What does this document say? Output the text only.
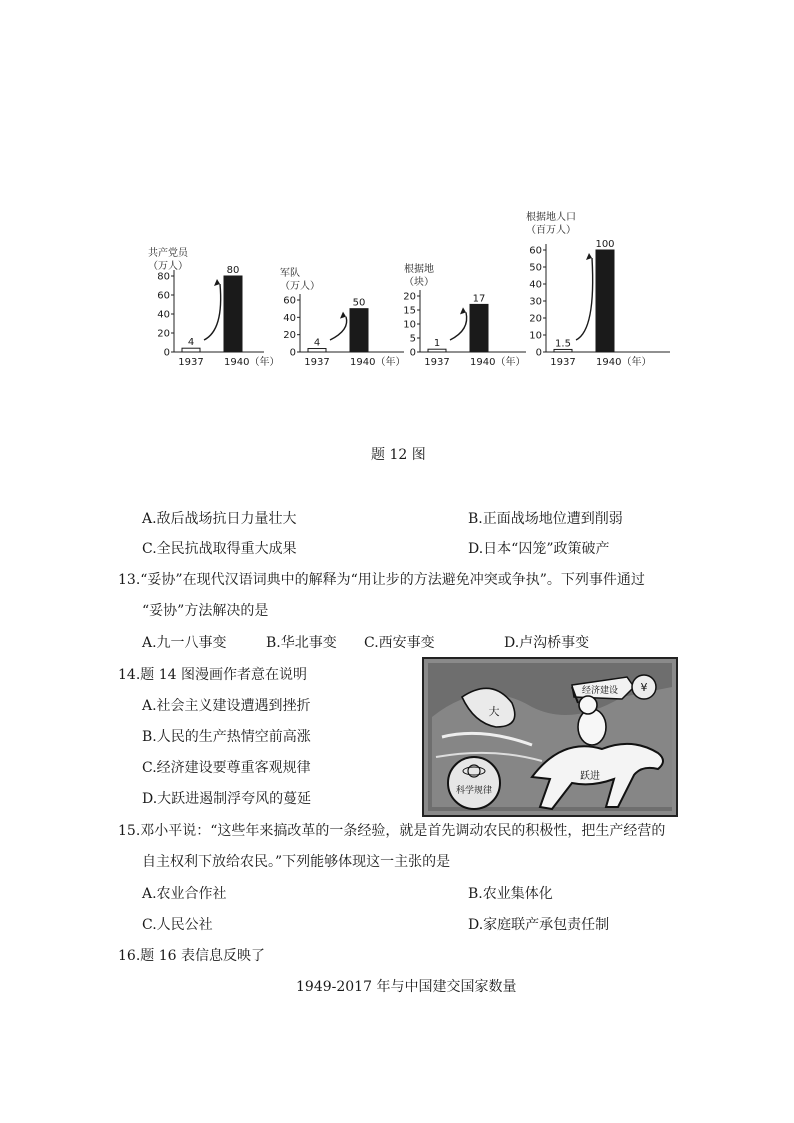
共产党员
（万人）
0
20
40
60
80
4
1937
80
1940（年）
军队
（万人）
0
20
40
60
4
1937
50
1940（年）
根据地
（块）
0
5
10
15
20
1
1937
17
1940（年）
根据地人口
（百万人）
0
10
20
30
40
50
60
1.5
1937
100
1940（年）
题 12 图
A.敌后战场抗日力量壮大	B.正面战场地位遭到削弱
C.全民抗战取得重大成果	D.日本“囚笼”政策破产
13.“妥协”在现代汉语词典中的解释为“用让步的方法避免冲突或争执”。下列事件通过
“妥协”方法解决的是
A.九一八事变	B.华北事变 C.西安事变	D.卢沟桥事变
14.题 14 图漫画作者意在说明
A.社会主义建设遭遇到挫折
B.人民的生产热情空前高涨
C.经济建设要尊重客观规律
D.大跃进遏制浮夸风的蔓延
经济建设 ¥
跃进
大
科学规律
15.邓小平说：“这些年来搞改革的一条经验，就是首先调动农民的积极性，把生产经营的
自主权利下放给农民。”下列能够体现这一主张的是
A.农业合作社	B.农业集体化
C.人民公社	D.家庭联产承包责任制
16.题 16 表信息反映了
1949-2017 年与中国建交国家数量
